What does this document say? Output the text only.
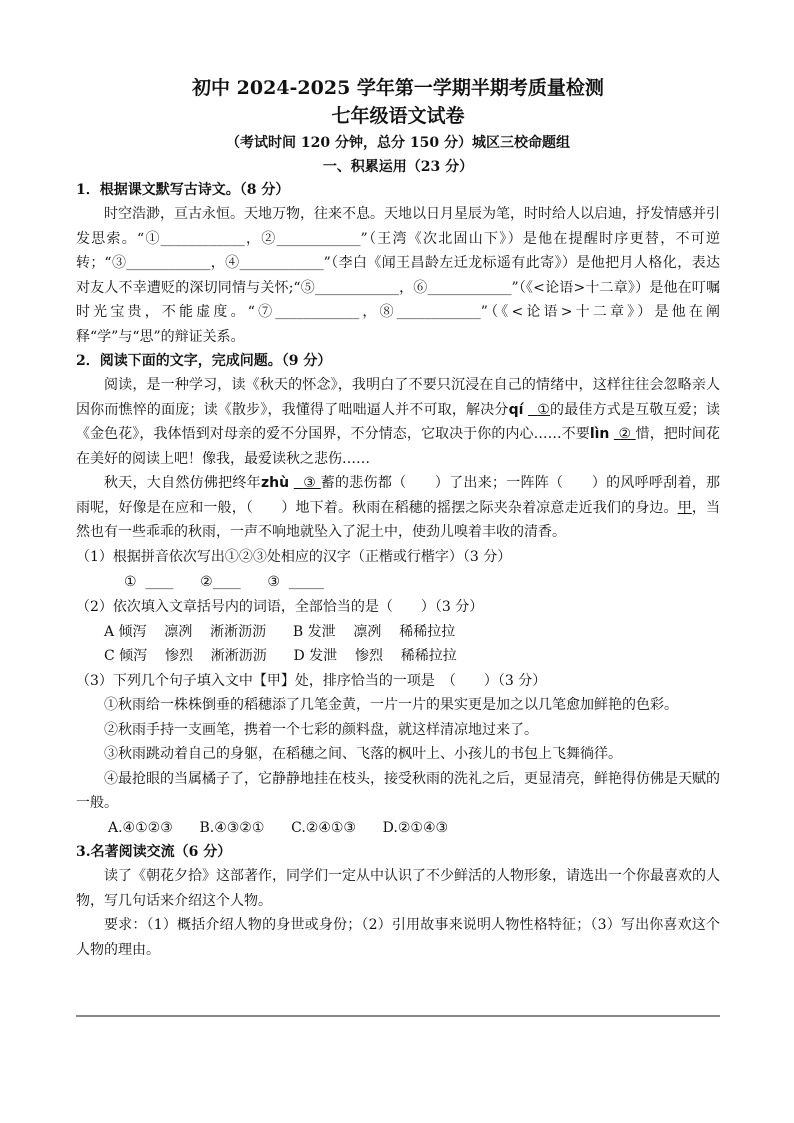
初中 2024-2025 学年第一学期半期考质量检测

七年级语文试卷

（考试时间 120 分钟，总分 150 分）城区三校命题组

一、积累运用（23 分）

1．根据课文默写古诗文。（8 分）

时空浩渺，亘古永恒。天地万物，往来不息。天地以日月星辰为笔，时时给人以启迪，抒发情感并引发思索。“①____________，②____________”（王湾《次北固山下》）是他在提醒时序更替，不可逆转；“③____________，④____________”（李白《闻王昌龄左迁龙标遥有此寄》）是他把月人格化，表达对友人不幸遭贬的深切同情与关怀;“⑤____________，⑥____________”（《<论语>十二章》）是他在叮嘱时光宝贵，不能虚度。“⑦____________，⑧____________”（《<论语>十二章》）是他在阐释“学”与“思”的辩证关系。

2．阅读下面的文字，完成问题。（9 分）

阅读，是一种学习，读《秋天的怀念》，我明白了不要只沉浸在自己的情绪中，这样往往会忽略亲人因你而憔悴的面庞；读《散步》，我懂得了咄咄逼人并不可取，解决分qí ①的最佳方式是互敬互爱；读《金色花》，我体悟到对母亲的爱不分国界，不分情态，它取决于你的内心……不要lìn ② 惜，把时间花在美好的阅读上吧！像我，最爱读秋之悲伤……

秋天，大自然仿佛把终年zhù ③ 蓄的悲伤都（　　）了出来；一阵阵（　　）的风呼呼刮着，那雨呢，好像是在应和一般，（　　）地下着。秋雨在稻穗的摇摆之际夹杂着凉意走近我们的身边。甲，当然也有一些乖乖的秋雨，一声不响地就坠入了泥土中，使劲儿嗅着丰收的清香。

（1）根据拼音依次写出①②③处相应的汉字（正楷或行楷字）（3 分）

①  ____      ②____      ③  _____

（2）依次填入文章括号内的词语，全部恰当的是（　　）（3 分）

A 倾泻    凛冽    淅淅沥沥      B 发泄    凛冽    稀稀拉拉

C 倾泻    惨烈    淅淅沥沥      D 发泄    惨烈    稀稀拉拉

（3）下列几个句子填入文中【甲】处，排序恰当的一项是　（　　）（3 分）

①秋雨给一株株倒垂的稻穗添了几笔金黄，一片一片的果实更是加之以几笔愈加鲜艳的色彩。

②秋雨手持一支画笔，携着一个七彩的颜料盘，就这样清凉地过来了。

③秋雨跳动着自己的身躯，在稻穗之间、飞落的枫叶上、小孩儿的书包上飞舞徜徉。

④最抢眼的当属橘子了，它静静地挂在枝头，接受秋雨的洗礼之后，更显清亮，鲜艳得仿佛是天赋的一般。

A.④①②③      B.④③②①      C.②④①③      D.②①④③

3.名著阅读交流（6 分）

读了《朝花夕拾》这部著作，同学们一定从中认识了不少鲜活的人物形象，请选出一个你最喜欢的人物，写几句话来介绍这个人物。

要求：（1）概括介绍人物的身世或身份；（2）引用故事来说明人物性格特征；（3）写出你喜欢这个人物的理由。
